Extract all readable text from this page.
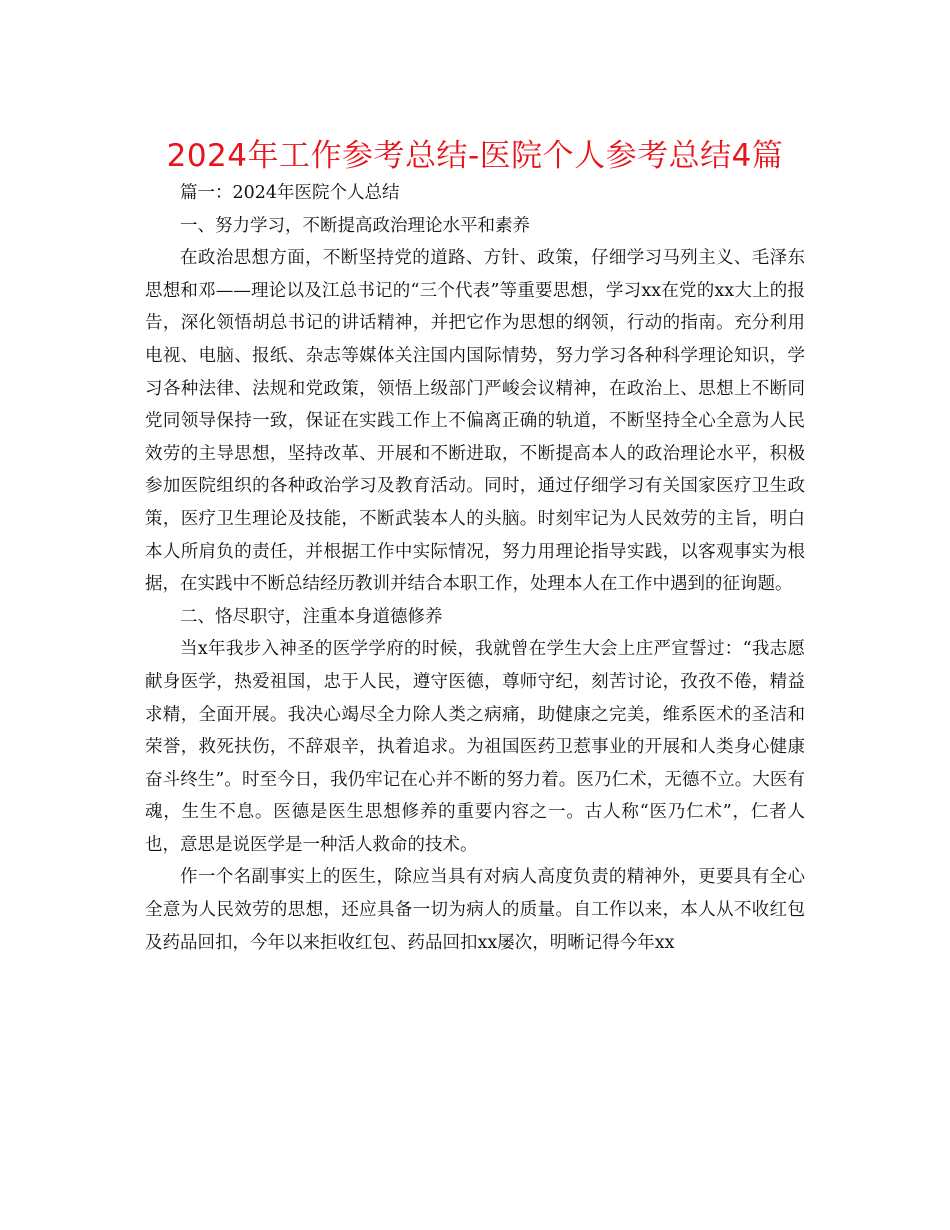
2024年工作参考总结-医院个人参考总结4篇

篇一：2024年医院个人总结

一、努力学习，不断提高政治理论水平和素养

在政治思想方面，不断坚持党的道路、方针、政策，仔细学习马列主义、毛泽东思想和邓——理论以及江总书记的“三个代表”等重要思想，学习xx在党的xx大上的报告，深化领悟胡总书记的讲话精神，并把它作为思想的纲领，行动的指南。充分利用电视、电脑、报纸、杂志等媒体关注国内国际情势，努力学习各种科学理论知识，学习各种法律、法规和党政策，领悟上级部门严峻会议精神，在政治上、思想上不断同党同领导保持一致，保证在实践工作上不偏离正确的轨道，不断坚持全心全意为人民效劳的主导思想，坚持改革、开展和不断进取，不断提高本人的政治理论水平，积极参加医院组织的各种政治学习及教育活动。同时，通过仔细学习有关国家医疗卫生政策，医疗卫生理论及技能，不断武装本人的头脑。时刻牢记为人民效劳的主旨，明白本人所肩负的责任，并根据工作中实际情况，努力用理论指导实践，以客观事实为根据，在实践中不断总结经历教训并结合本职工作，处理本人在工作中遇到的征询题。

二、恪尽职守，注重本身道德修养

当x年我步入神圣的医学学府的时候，我就曾在学生大会上庄严宣誓过：“我志愿献身医学，热爱祖国，忠于人民，遵守医德，尊师守纪，刻苦讨论，孜孜不倦，精益求精，全面开展。我决心竭尽全力除人类之病痛，助健康之完美，维系医术的圣洁和荣誉，救死扶伤，不辞艰辛，执着追求。为祖国医药卫惹事业的开展和人类身心健康奋斗终生”。时至今日，我仍牢记在心并不断的努力着。医乃仁术，无德不立。大医有魂，生生不息。医德是医生思想修养的重要内容之一。古人称“医乃仁术”，仁者人也，意思是说医学是一种活人救命的技术。

作一个名副事实上的医生，除应当具有对病人高度负责的精神外，更要具有全心全意为人民效劳的思想，还应具备一切为病人的质量。自工作以来，本人从不收红包及药品回扣，今年以来拒收红包、药品回扣xx屡次，明晰记得今年xx
